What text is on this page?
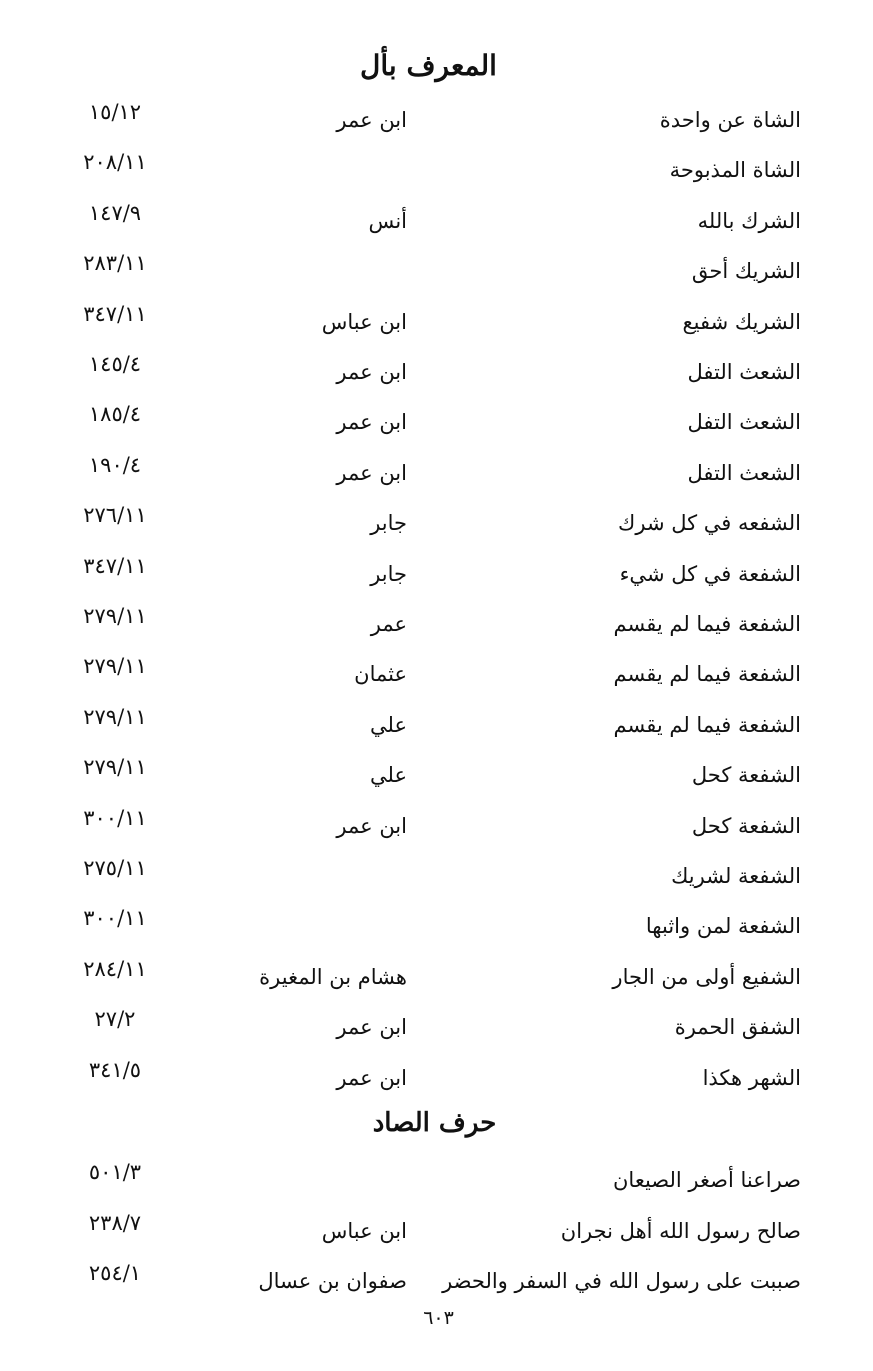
المعرف بأل
الشاة عن واحدة
ابن عمر
١٥/١٢
الشاة المذبوحة
٢٠٨/١١
الشرك بالله
أنس
١٤٧/٩
الشريك أحق
٢٨٣/١١
الشريك شفيع
ابن عباس
٣٤٧/١١
الشعث التفل
ابن عمر
١٤٥/٤
الشعث التفل
ابن عمر
١٨٥/٤
الشعث التفل
ابن عمر
١٩٠/٤
الشفعه في كل شرك
جابر
٢٧٦/١١
الشفعة في كل شيء
جابر
٣٤٧/١١
الشفعة فيما لم يقسم
عمر
٢٧٩/١١
الشفعة فيما لم يقسم
عثمان
٢٧٩/١١
الشفعة فيما لم يقسم
علي
٢٧٩/١١
الشفعة كحل
علي
٢٧٩/١١
الشفعة كحل
ابن عمر
٣٠٠/١١
الشفعة لشريك
٢٧٥/١١
الشفعة لمن واثبها
٣٠٠/١١
الشفيع أولى من الجار
هشام بن المغيرة
٢٨٤/١١
الشفق الحمرة
ابن عمر
٢٧/٢
الشهر هكذا
ابن عمر
٣٤١/٥
حرف الصاد
صراعنا أصغر الصيعان
٥٠١/٣
صالح رسول الله أهل نجران
ابن عباس
٢٣٨/٧
صببت على رسول الله في السفر والحضر
صفوان بن عسال
٢٥٤/١
٦٠٣
